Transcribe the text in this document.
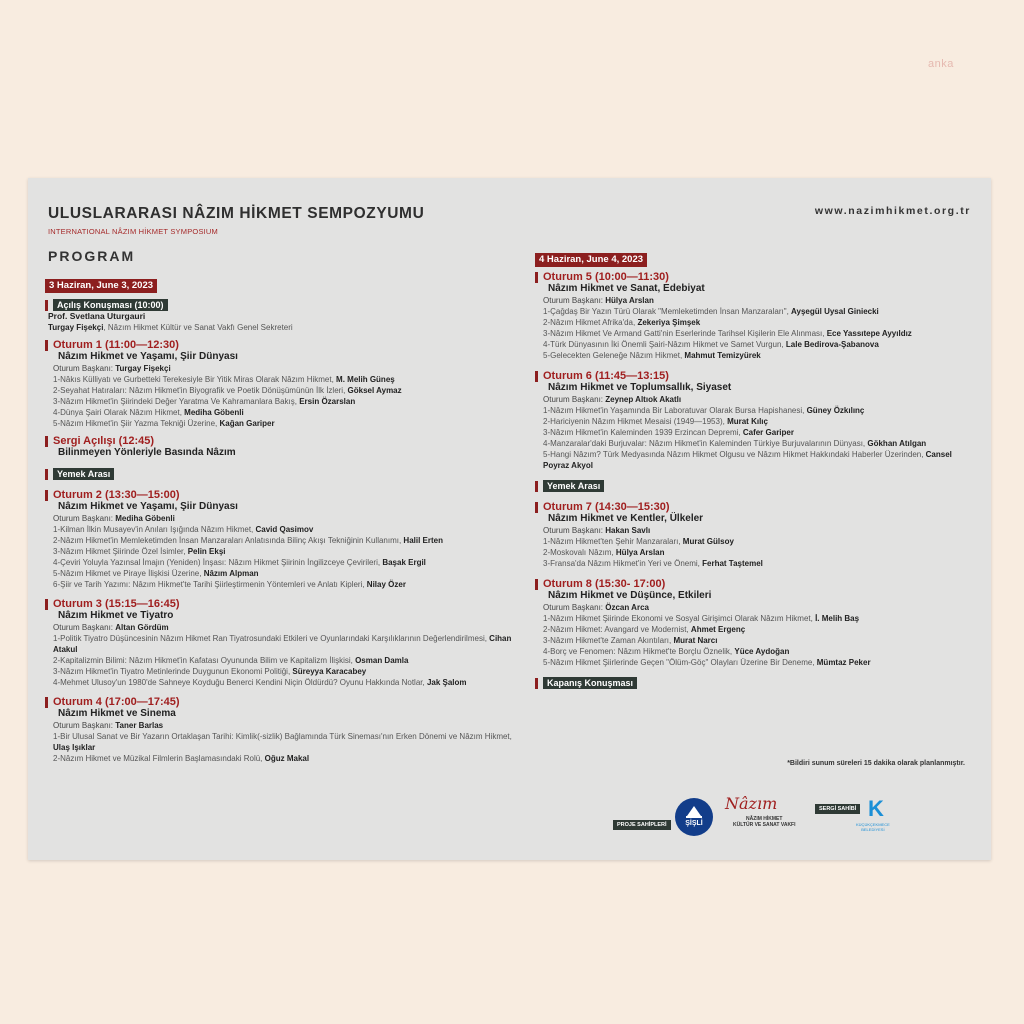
anka
ULUSLARARASI NÂZIM HİKMET SEMPOZYUMU
INTERNATIONAL NÂZIM HİKMET SYMPOSIUM
www.nazimhikmet.org.tr
PROGRAM
3 Haziran, June 3, 2023
Açılış Konuşması (10:00)
Prof. Svetlana Uturgauri
Turgay Fişekçi, Nâzım Hikmet Kültür ve Sanat Vakfı Genel Sekreteri
Oturum 1 (11:00—12:30)
Nâzım Hikmet ve Yaşamı, Şiir Dünyası
Oturum Başkanı: Turgay Fişekçi
1-Nâkıs Külliyatı ve Gurbetteki Terekesiyle Bir Yitik Miras Olarak Nâzım Hikmet, M. Melih Güneş
2-Seyahat Hatıraları: Nâzım Hikmet'in Biyografik ve Poetik Dönüşümünün İlk İzleri, Göksel Aymaz
3-Nâzım Hikmet'in Şiirindeki Değer Yaratma Ve Kahramanlara Bakış, Ersin Özarslan
4-Dünya Şairi Olarak Nâzım Hikmet, Mediha Göbenli
5-Nâzım Hikmet'in Şiir Yazma Tekniği Üzerine, Kağan Gariper
Sergi Açılışı (12:45)
Bilinmeyen Yönleriyle Basında Nâzım
Yemek Arası
Oturum 2 (13:30—15:00)
Nâzım Hikmet ve Yaşamı, Şiir Dünyası
Oturum Başkanı: Mediha Göbenli
1-Kilman İlkin Musayev'in Anıları Işığında Nâzım Hikmet, Cavid Qasimov
2-Nâzım Hikmet'in Memleketimden İnsan Manzaraları Anlatısında Bilinç Akışı Tekniğinin Kullanımı, Halil Erten
3-Nâzım Hikmet Şiirinde Özel İsimler, Pelin Ekşi
4-Çeviri Yoluyla Yazınsal İmajın (Yeniden) İnşası: Nâzım Hikmet Şiirinin İngilizceye Çevirileri, Başak Ergil
5-Nâzım Hikmet ve Piraye İlişkisi Üzerine, Nâzım Alpman
6-Şiir ve Tarih Yazımı: Nâzım Hikmet'te Tarihi Şiirleştirmenin Yöntemleri ve Anlatı Kipleri, Nilay Özer
Oturum 3 (15:15—16:45)
Nâzım Hikmet ve Tiyatro
Oturum Başkanı: Altan Gördüm
1-Politik Tiyatro Düşüncesinin Nâzım Hikmet Ran Tiyatrosundaki Etkileri ve Oyunlarındaki Karşılıklarının Değerlendirilmesi, Cihan Atakul
2-Kapitalizmin Bilimi: Nâzım Hikmet'in Kafatası Oyununda Bilim ve Kapitalizm İlişkisi, Osman Damla
3-Nâzım Hikmet'in Tiyatro Metinlerinde Duygunun Ekonomi Politiği, Süreyya Karacabey
4-Mehmet Ulusoy'un 1980'de Sahneye Koyduğu Benerci Kendini Niçin Öldürdü? Oyunu Hakkında Notlar, Jak Şalom
Oturum 4 (17:00—17:45)
Nâzım Hikmet ve Sinema
Oturum Başkanı: Taner Barlas
1-Bir Ulusal Sanat ve Bir Yazarın Ortaklaşan Tarihi: Kimlik(-sizlik) Bağlamında Türk Sineması'nın Erken Dönemi ve Nâzım Hikmet, Ulaş Işıklar
2-Nâzım Hikmet ve Müzikal Filmlerin Başlamasındaki Rolü, Oğuz Makal
4 Haziran, June 4, 2023
Oturum 5 (10:00—11:30)
Nâzım Hikmet ve Sanat, Edebiyat
Oturum Başkanı: Hülya Arslan
1-Çağdaş Bir Yazın Türü Olarak "Memleketimden İnsan Manzaraları", Ayşegül Uysal Giniecki
2-Nâzım Hikmet Afrika'da, Zekeriya Şimşek
3-Nâzım Hikmet Ve Armand Gatti'nin Eserlerinde Tarihsel Kişilerin Ele Alınması, Ece Yassıtepe Ayyıldız
4-Türk Dünyasının İki Önemli Şairi-Nâzım Hikmet ve Samet Vurgun, Lale Bedirova-Şabanova
5-Gelecekten Geleneğe Nâzım Hikmet, Mahmut Temizyürek
Oturum 6 (11:45—13:15)
Nâzım Hikmet ve Toplumsallık, Siyaset
Oturum Başkanı: Zeynep Altıok Akatlı
1-Nâzım Hikmet'in Yaşamında Bir Laboratuvar Olarak Bursa Hapishanesi, Güney Özkılınç
2-Hariciyenin Nâzım Hikmet Mesaisi (1949—1953), Murat Kılıç
3-Nâzım Hikmet'in Kaleminden 1939 Erzincan Depremi, Cafer Gariper
4-Manzaralar'daki Burjuvalar: Nâzım Hikmet'in Kaleminden Türkiye Burjuvalarının Dünyası, Gökhan Atılgan
5-Hangi Nâzım? Türk Medyasında Nâzım Hikmet Olgusu ve Nâzım Hikmet Hakkındaki Haberler Üzerinden, Cansel Poyraz Akyol
Yemek Arası
Oturum 7 (14:30—15:30)
Nâzım Hikmet ve Kentler, Ülkeler
Oturum Başkanı: Hakan Savlı
1-Nâzım Hikmet'ten Şehir Manzaraları, Murat Gülsoy
2-Moskovalı Nâzım, Hülya Arslan
3-Fransa'da Nâzım Hikmet'in Yeri ve Önemi, Ferhat Taştemel
Oturum 8 (15:30- 17:00)
Nâzım Hikmet ve Düşünce, Etkileri
Oturum Başkanı: Özcan Arca
1-Nâzım Hikmet Şiirinde Ekonomi ve Sosyal Girişimci Olarak Nâzım Hikmet, İ. Melih Baş
2-Nâzım Hikmet: Avangard ve Modernist, Ahmet Ergenç
3-Nâzım Hikmet'te Zaman Akıntıları, Murat Narcı
4-Borç ve Fenomen: Nâzım Hikmet'te Borçlu Öznelik, Yüce Aydoğan
5-Nâzım Hikmet Şiirlerinde Geçen "Ölüm-Göç" Olayları Üzerine Bir Deneme, Mümtaz Peker
Kapanış Konuşması
*Bildiri sunum süreleri 15 dakika olarak planlanmıştır.
PROJE SAHİPLERİ	ŞİŞLİ
Nâzım
NÂZIM HİKMET
KÜLTÜR VE SANAT VAKFI
SERGİ SAHİBİ K
KÜÇÜKÇEKMECE
BELEDİYESİ
